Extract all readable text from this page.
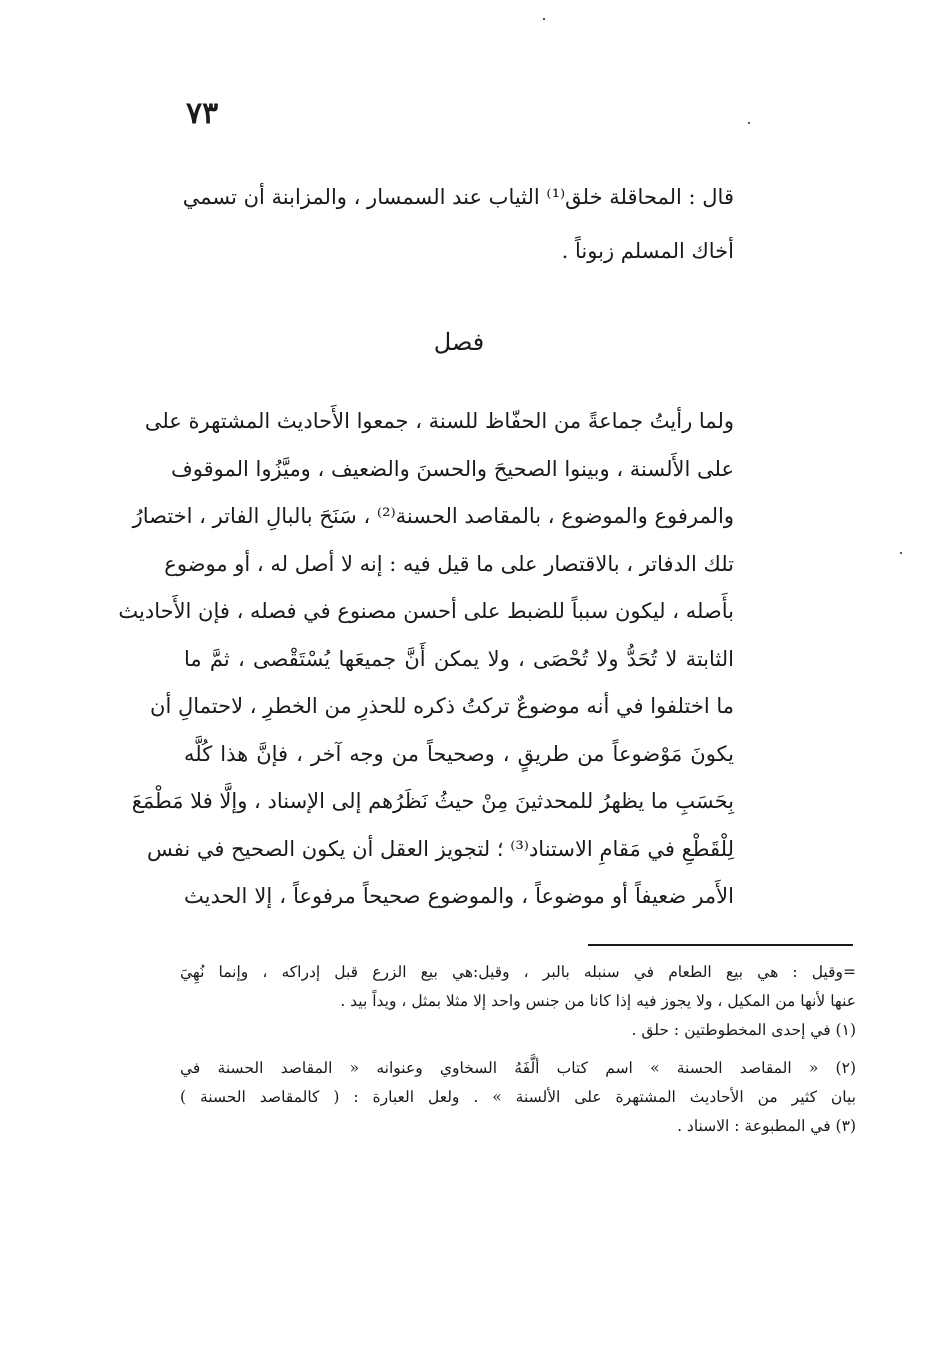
٧٣
قال : المحاقلة خلق⁽¹⁾ الثياب عند السمسار ، والمزابنة أن تسمي
أخاك المسلم زبوناً .
فصل
ولما رأيتُ جماعةً من الحفّاظ للسنة ، جمعوا الأَحاديث المشتهرة على
على الأَلسنة ، وبينوا الصحيحَ والحسنَ والضعيف ، وميَّزُوا الموقوف
والمرفوع والموضوع ، بالمقاصد الحسنة⁽²⁾ ، سَنَحَ بالبالِ الفاتر ، اختصارُ
تلك الدفاتر ، بالاقتصار على ما قيل فيه : إنه لا أصل له ، أو موضوع
بأَصله ، ليكون سبباً للضبط على أحسن مصنوع في فصله ، فإن الأَحاديث
الثابتة لا تُحَدُّ ولا تُحْصَى ، ولا يمكن أَنَّ جميعَها يُسْتَقْصى ، ثمَّ ما
ما اختلفوا في أنه موضوعٌ تركتُ ذكره للحذرِ من الخطرِ ، لاحتمالِ أن
يكونَ مَوْضوعاً من طريقٍ ، وصحيحاً من وجه آخر ، فإنَّ هذا كُلَّه
بِحَسَبِ ما يظهرُ للمحدثينَ مِنْ حيثُ نَظَرُهم إلى الإسناد ، وإلَّا فلا مَطْمَعَ
لِلْقَطْعِ في مَقامِ الاستناد⁽³⁾ ؛ لتجويز العقل أن يكون الصحيح في نفس
الأَمر ضعيفاً أو موضوعاً ، والموضوع صحيحاً مرفوعاً ، إلا الحديث
=وقيل : هي بيع الطعام في سنبله بالبر ، وقيل:هي بيع الزرع قبل إدراكه ، وإنما نُهِيَ
عنها لأنها من المكيل ، ولا يجوز فيه إذا كانا من جنس واحد إلا مثلا بمثل ، ويداً بيد .
(١) في إحدى المخطوطتين : حلق .
(٢) « المقاصد الحسنة » اسم كتاب ألَّفَهُ السخاوي وعنوانه « المقاصد الحسنة في
بيان كثير من الأحاديث المشتهرة على الألسنة » . ولعل العبارة : ( كالمقاصد الحسنة )
(٣) في المطبوعة : الاسناد .
